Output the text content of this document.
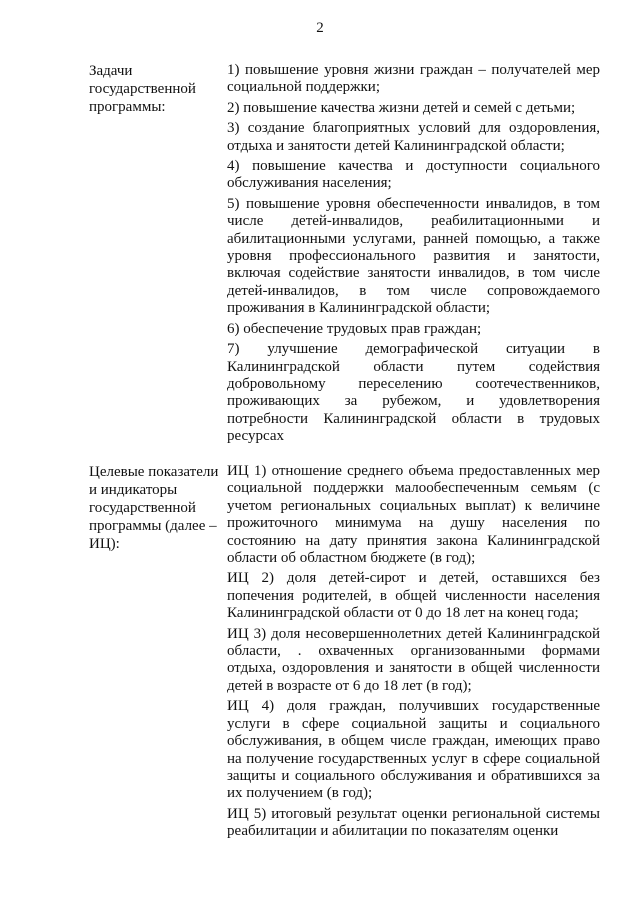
2
Задачи государственной программы:

1) повышение уровня жизни граждан – получателей мер социальной поддержки;

2) повышение качества жизни детей и семей с детьми;

3) создание благоприятных условий для оздоровления, отдыха и занятости детей Калининградской области;

4) повышение качества и доступности социального обслуживания населения;

5) повышение уровня обеспеченности инвалидов, в том числе детей-инвалидов, реабилитационными и абилитационными услугами, ранней помощью, а также уровня профессионального развития и занятости, включая содействие занятости инвалидов, в том числе детей-инвалидов, в том числе сопровождаемого проживания в Калининградской области;

6) обеспечение трудовых прав граждан;

7) улучшение демографической ситуации в Калининградской области путем содействия добровольному переселению соотечественников, проживающих за рубежом, и удовлетворения потребности Калининградской области в трудовых ресурсах

Целевые показатели и индикаторы государственной программы (далее – ИЦ):

ИЦ 1) отношение среднего объема предоставленных мер социальной поддержки малообеспеченным семьям (с учетом региональных социальных выплат) к величине прожиточного минимума на душу населения по состоянию на дату принятия закона Калининградской области об областном бюджете (в год);

ИЦ 2) доля детей-сирот и детей, оставшихся без попечения родителей, в общей численности населения Калининградской области от 0 до 18 лет на конец года;

ИЦ 3) доля несовершеннолетних детей Калининградской области, . охваченных организованными формами отдыха, оздоровления и занятости в общей численности детей в возрасте от 6 до 18 лет (в год);

ИЦ 4) доля граждан, получивших государственные услуги в сфере социальной защиты и социального обслуживания, в общем числе граждан, имеющих право на получение государственных услуг в сфере социальной защиты и социального обслуживания и обратившихся за их получением (в год);

ИЦ 5) итоговый результат оценки региональной системы реабилитации и абилитации по показателям оценки
